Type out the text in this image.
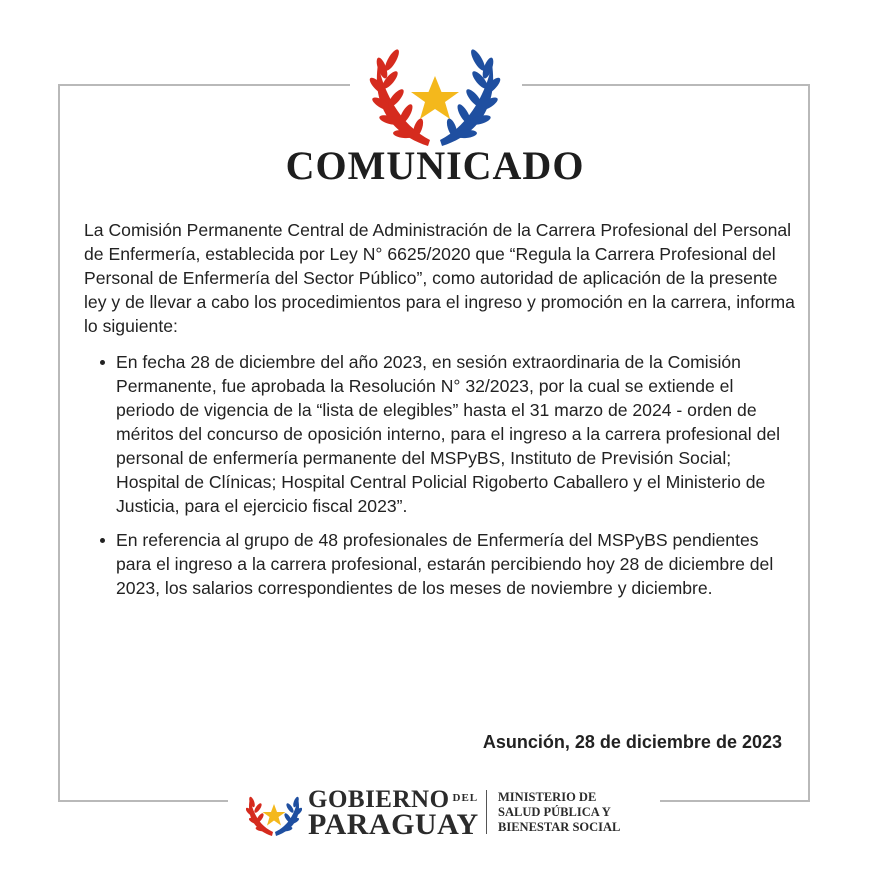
COMUNICADO

La Comisión Permanente Central de Administración de la Carrera Profesional del Personal de Enfermería, establecida por Ley N° 6625/2020 que “Regula la Carrera Profesional del Personal de Enfermería del Sector Público”, como autoridad de aplicación de la presente ley y de llevar a cabo los procedimientos para el ingreso y promoción en la carrera, informa lo siguiente:

En fecha 28 de diciembre del año 2023, en sesión extraordinaria de la Comisión Permanente, fue aprobada la Resolución N° 32/2023, por la cual se extiende el periodo de vigencia de la “lista de elegibles” hasta el 31 marzo de 2024 - orden de méritos del concurso de oposición interno, para el ingreso a la carrera profesional del personal de enfermería permanente del MSPyBS, Instituto de Previsión Social; Hospital de Clínicas; Hospital Central Policial Rigoberto Caballero y el Ministerio de Justicia, para el ejercicio fiscal 2023”.
En referencia al grupo de 48 profesionales de Enfermería del MSPyBS pendientes para el ingreso a la carrera profesional, estarán percibiendo hoy 28 de diciembre del 2023, los salarios correspondientes de los meses de noviembre y diciembre.
Asunción, 28 de diciembre de 2023
GOBIERNO $^{DEL}$
PARAGUAY
MINISTERIO DE
SALUD PÚBLICA Y
BIENESTAR SOCIAL
